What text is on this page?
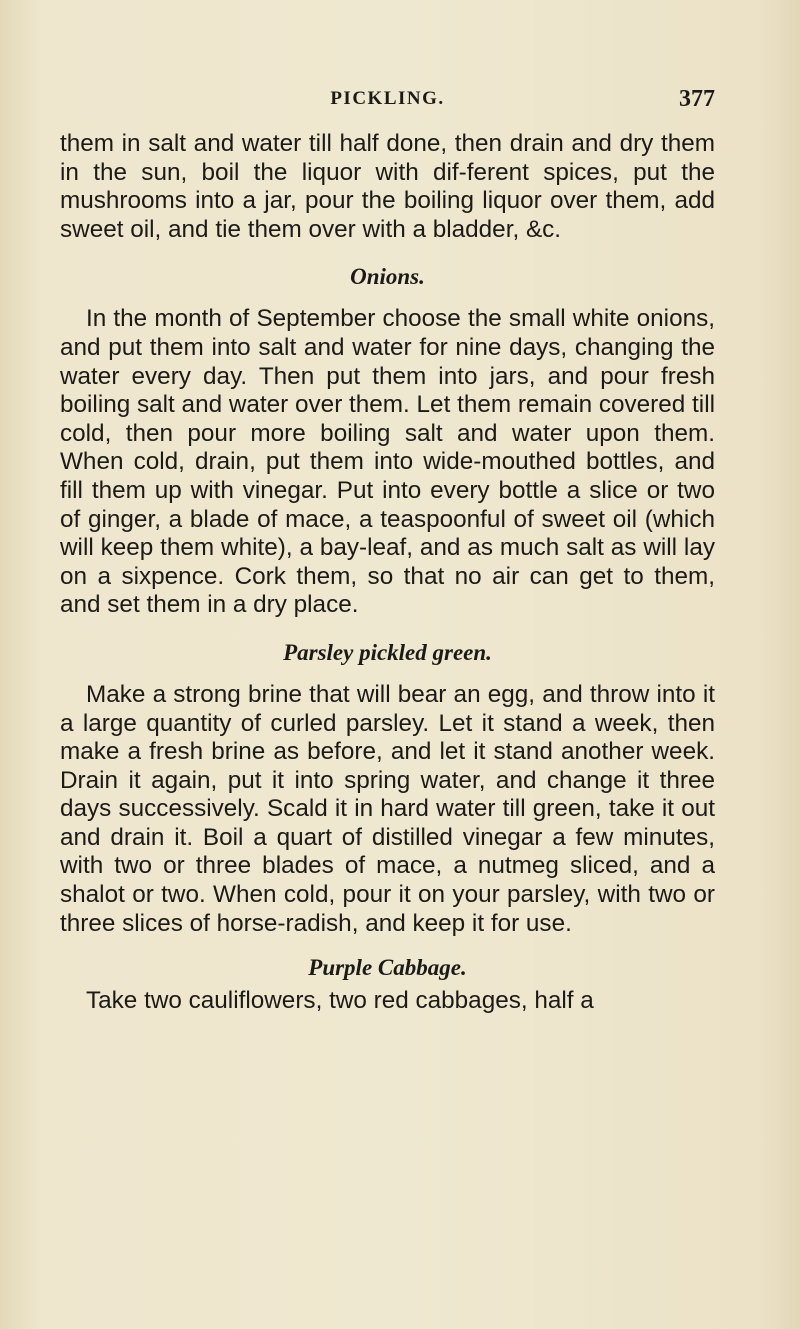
PICKLING.	377

them in salt and water till half done, then drain and dry them in the sun, boil the liquor with dif-ferent spices, put the mushrooms into a jar, pour the boiling liquor over them, add sweet oil, and tie them over with a bladder, &c.

Onions.

In the month of September choose the small white onions, and put them into salt and water for nine days, changing the water every day. Then put them into jars, and pour fresh boiling salt and water over them. Let them remain covered till cold, then pour more boiling salt and water upon them. When cold, drain, put them into wide-mouthed bottles, and fill them up with vinegar. Put into every bottle a slice or two of ginger, a blade of mace, a teaspoonful of sweet oil (which will keep them white), a bay-leaf, and as much salt as will lay on a sixpence. Cork them, so that no air can get to them, and set them in a dry place.

Parsley pickled green.

Make a strong brine that will bear an egg, and throw into it a large quantity of curled parsley. Let it stand a week, then make a fresh brine as before, and let it stand another week. Drain it again, put it into spring water, and change it three days successively. Scald it in hard water till green, take it out and drain it. Boil a quart of distilled vinegar a few minutes, with two or three blades of mace, a nutmeg sliced, and a shalot or two. When cold, pour it on your parsley, with two or three slices of horse-radish, and keep it for use.

Purple Cabbage.

Take two cauliflowers, two red cabbages, half a
